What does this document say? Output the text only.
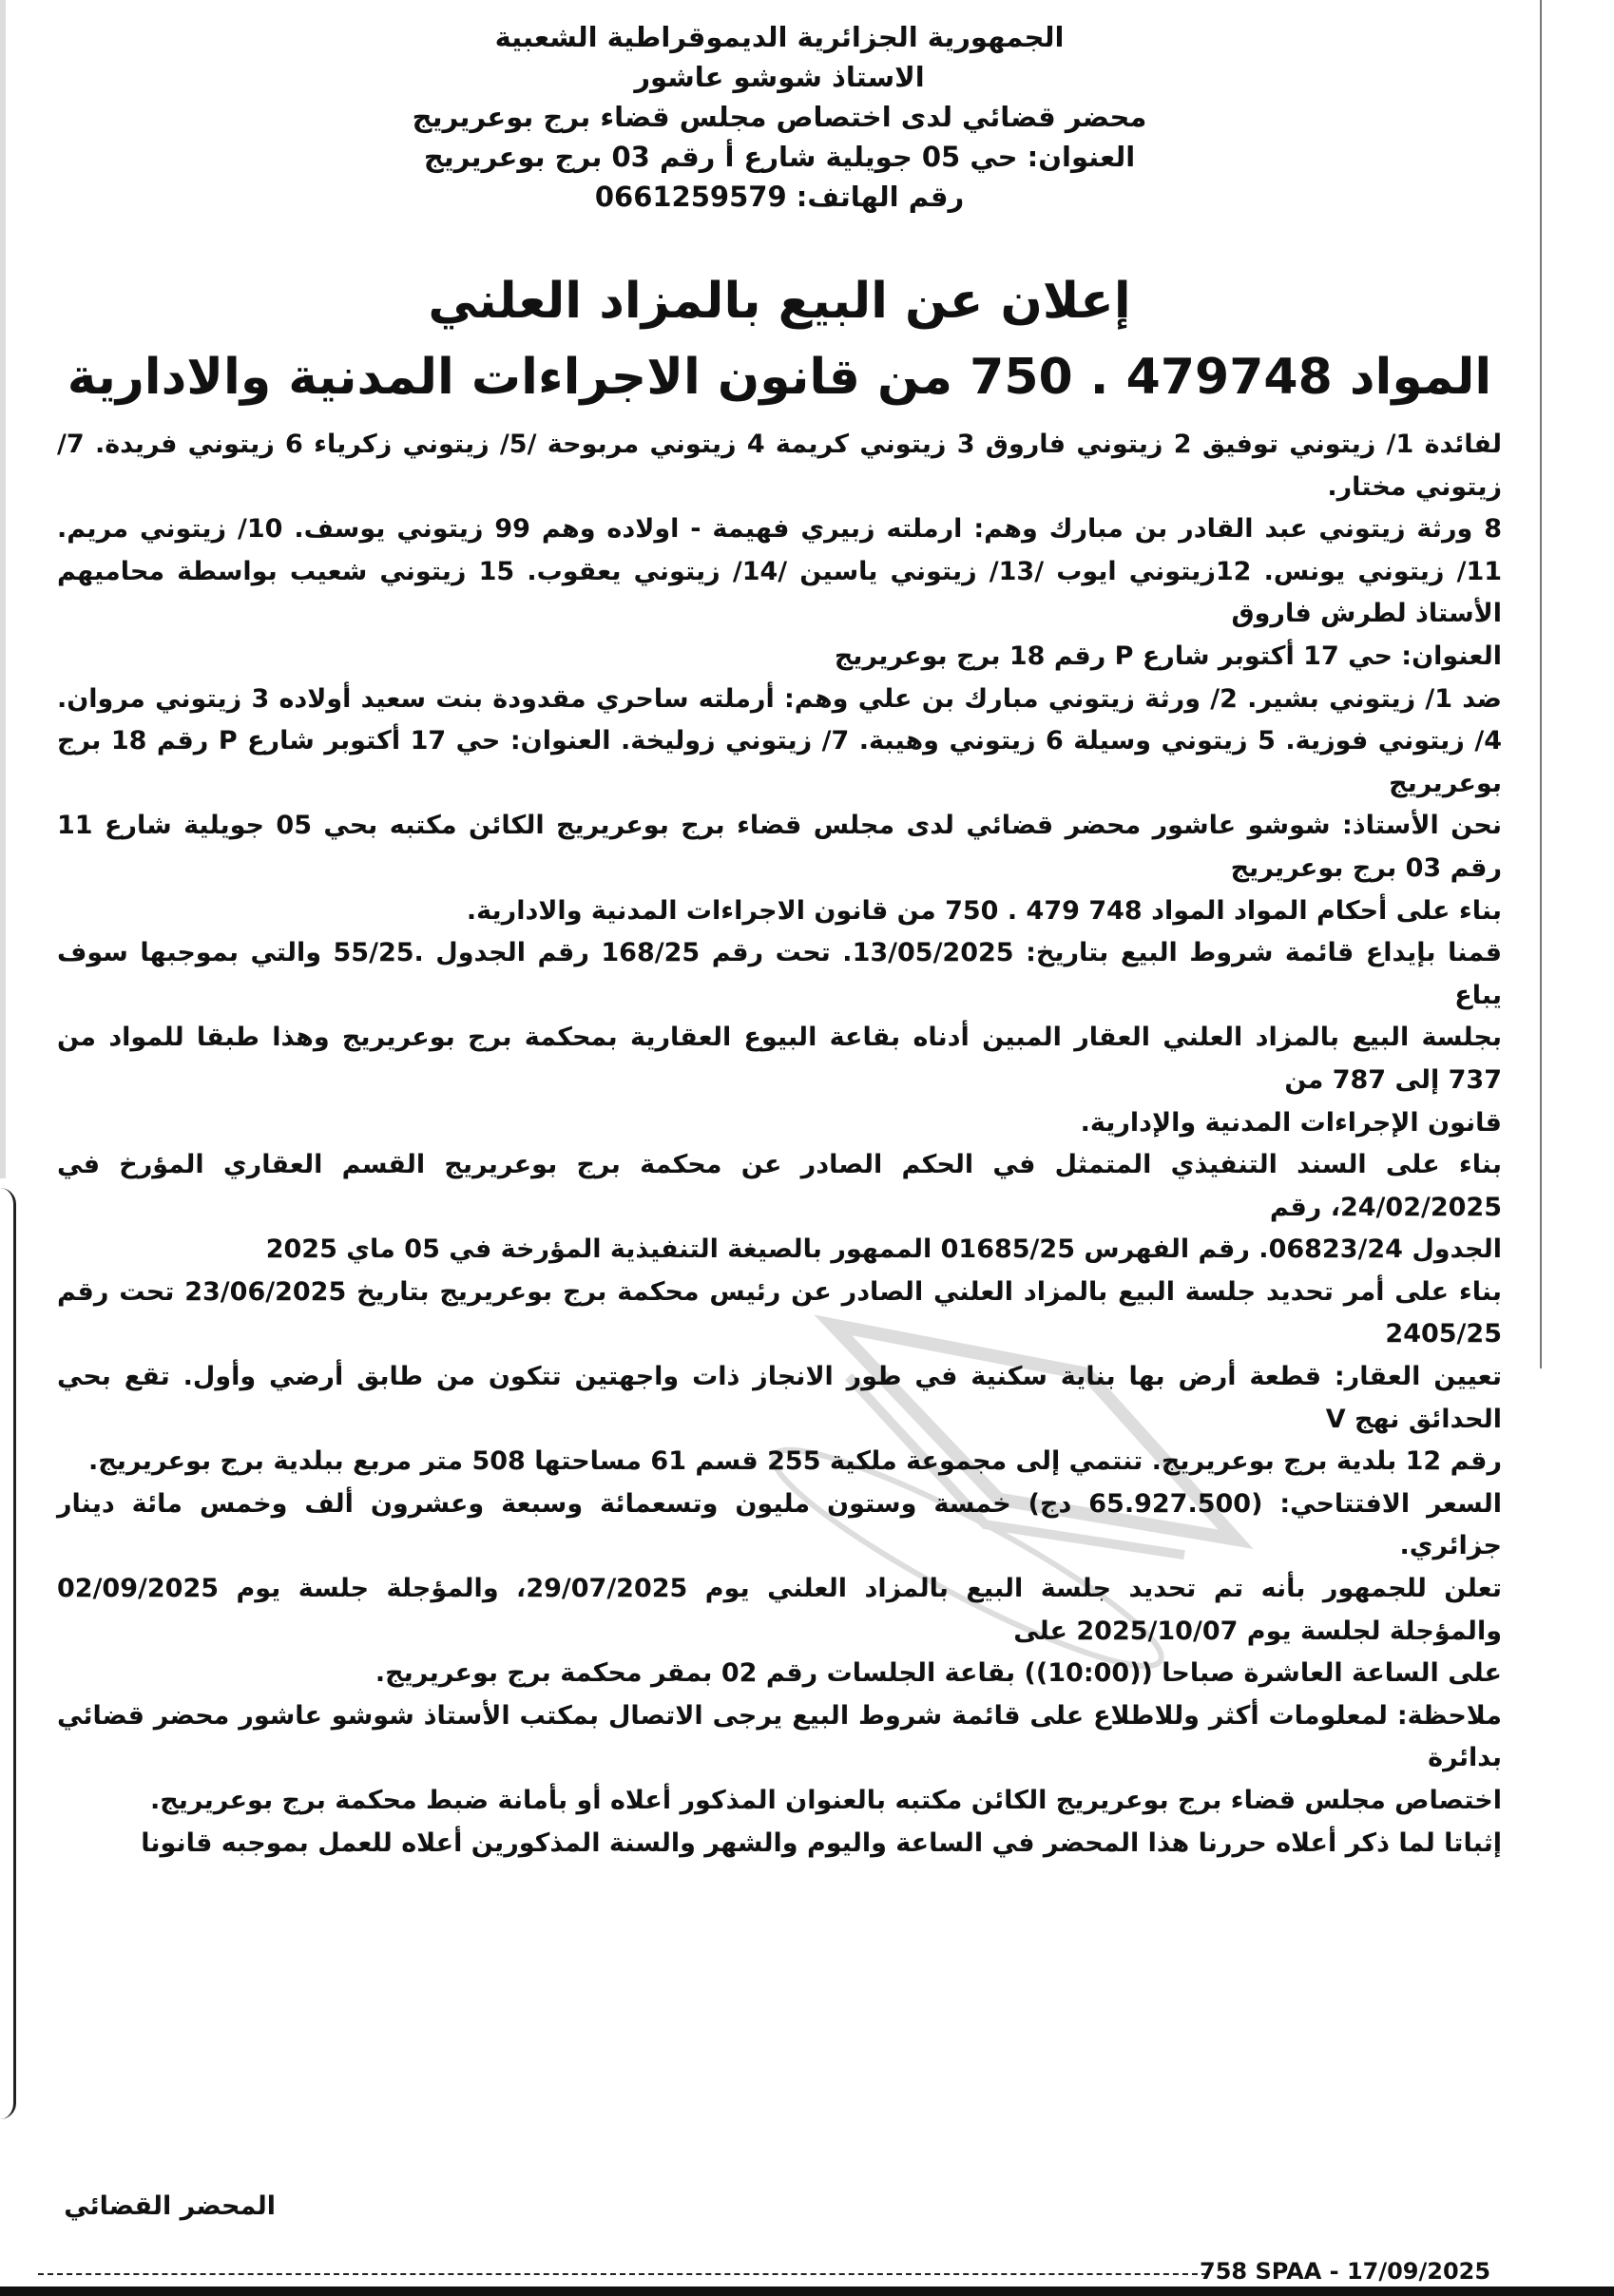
الجمهورية الجزائرية الديموقراطية الشعبية
الاستاذ شوشو عاشور
محضر قضائي لدى اختصاص مجلس قضاء برج بوعريريج
العنوان: حي 05 جويلية شارع أ رقم 03 برج بوعريريج
رقم الهاتف: 0661259579
إعلان عن البيع بالمزاد العلني
المواد 479748 . 750 من قانون الاجراءات المدنية والادارية

لفائدة 1/ زيتوني توفيق 2 زيتوني فاروق 3 زيتوني كريمة 4 زيتوني مربوحة /5/ زيتوني زكرياء 6 زيتوني فريدة. 7/ زيتوني مختار.

8 ورثة زيتوني عبد القادر بن مبارك وهم: ارملته زبيري فهيمة - اولاده وهم 99 زيتوني يوسف. 10/ زيتوني مريم. 11/ زيتوني يونس. 12زيتوني ايوب /13/ زيتوني ياسين /14/ زيتوني يعقوب. 15 زيتوني شعيب بواسطة محاميهم الأستاذ لطرش فاروق

العنوان: حي 17 أكتوبر شارع P رقم 18 برج بوعريريج

ضد 1/ زيتوني بشير. 2/ ورثة زيتوني مبارك بن علي وهم: أرملته ساحري مقدودة بنت سعيد أولاده 3 زيتوني مروان. 4/ زيتوني فوزية. 5 زيتوني وسيلة 6 زيتوني وهيبة. 7/ زيتوني زوليخة. العنوان: حي 17 أكتوبر شارع P رقم 18 برج بوعريريج

نحن الأستاذ: شوشو عاشور محضر قضائي لدى مجلس قضاء برج بوعريريج الكائن مكتبه بحي 05 جويلية شارع 11 رقم 03 برج بوعريريج

بناء على أحكام المواد المواد 748 479 . 750 من قانون الاجراءات المدنية والادارية.

قمنا بإيداع قائمة شروط البيع بتاريخ: 13/05/2025. تحت رقم 168/25 رقم الجدول .55/25 والتي بموجبها سوف يباع

بجلسة البيع بالمزاد العلني العقار المبين أدناه بقاعة البيوع العقارية بمحكمة برج بوعريريج وهذا طبقا للمواد من 737 إلى 787 من

قانون الإجراءات المدنية والإدارية.

بناء على السند التنفيذي المتمثل في الحكم الصادر عن محكمة برج بوعريريج القسم العقاري المؤرخ في 24/02/2025، رقم

الجدول 06823/24. رقم الفهرس 01685/25 الممهور بالصيغة التنفيذية المؤرخة في 05 ماي 2025

بناء على أمر تحديد جلسة البيع بالمزاد العلني الصادر عن رئيس محكمة برج بوعريريج بتاريخ 23/06/2025 تحت رقم 2405/25

تعيين العقار: قطعة أرض بها بناية سكنية في طور الانجاز ذات واجهتين تتكون من طابق أرضي وأول. تقع بحي الحدائق نهج V

رقم 12 بلدية برج بوعريريج. تنتمي إلى مجموعة ملكية 255 قسم 61 مساحتها 508 متر مربع ببلدية برج بوعريريج.

السعر الافتتاحي: (65.927.500 دج) خمسة وستون مليون وتسعمائة وسبعة وعشرون ألف وخمس مائة دينار جزائري.

تعلن للجمهور بأنه تم تحديد جلسة البيع بالمزاد العلني يوم 29/07/2025، والمؤجلة جلسة يوم 02/09/2025 والمؤجلة لجلسة يوم 2025/10/07 على

على الساعة العاشرة صباحا ((10:00)) بقاعة الجلسات رقم 02 بمقر محكمة برج بوعريريج.

ملاحظة: لمعلومات أكثر وللاطلاع على قائمة شروط البيع يرجى الاتصال بمكتب الأستاذ شوشو عاشور محضر قضائي بدائرة

اختصاص مجلس قضاء برج بوعريريج الكائن مكتبه بالعنوان المذكور أعلاه أو بأمانة ضبط محكمة برج بوعريريج.

إثباتا لما ذكر أعلاه حررنا هذا المحضر في الساعة واليوم والشهر والسنة المذكورين أعلاه للعمل بموجبه قانونا

المحضر القضائي
758 SPAA - 17/09/2025
